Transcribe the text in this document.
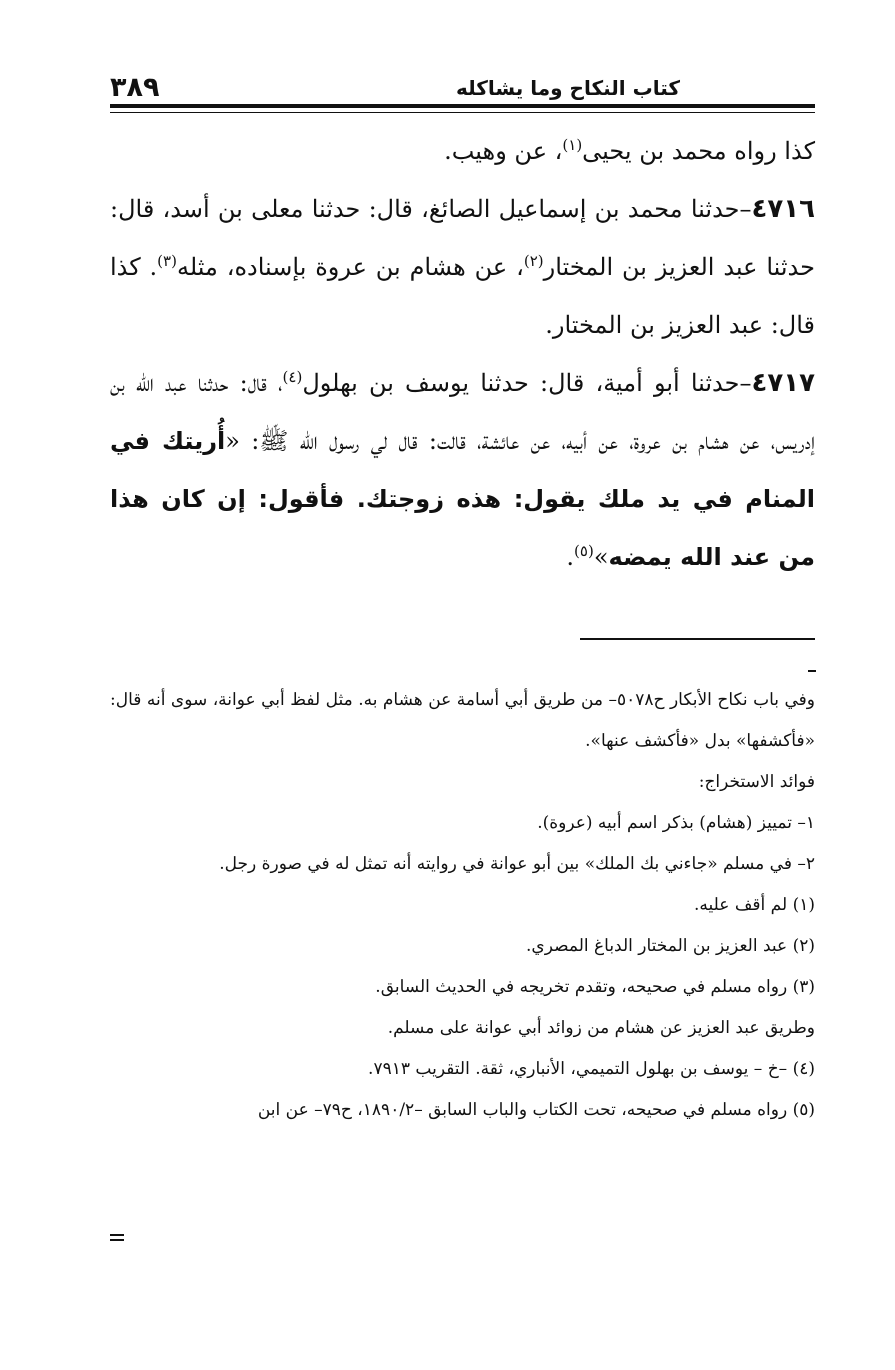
كتاب النكاح وما يشاكله
٣٨٩

كذا رواه محمد بن يحيى$^{(١)}$، عن وهيب.

٤٧١٦–حدثنا محمد بن إسماعيل الصائغ، قال: حدثنا معلى بن أسد، قال: حدثنا عبد العزيز بن المختار$^{(٢)}$، عن هشام بن عروة بإسناده، مثله$^{(٣)}$. كذا قال: عبد العزيز بن المختار.

٤٧١٧–حدثنا أبو أمية، قال: حدثنا يوسف بن بهلول$^{(٤)}$، قال: حدثنا عبد الله بن إدريس، عن هشام بن عروة، عن أبيه، عن عائشة، قالت: قال لي رسول الله ﷺ: «أُريتك في المنام في يد ملك يقول: هذه زوجتك. فأقول: إن كان هذا من عند الله يمضه»$^{(٥)}$.

وفي باب نكاح الأبكار ح٥٠٧٨– من طريق أبي أسامة عن هشام به. مثل لفظ أبي عوانة، سوى أنه قال: «فأكشفها» بدل «فأكشف عنها».

فوائد الاستخراج:

١– تمييز (هشام) بذكر اسم أبيه (عروة).

٢– في مسلم «جاءني بك الملك» بين أبو عوانة في روايته أنه تمثل له في صورة رجل.

(١) لم أقف عليه.

(٢) عبد العزيز بن المختار الدباغ المصري.

(٣) رواه مسلم في صحيحه، وتقدم تخريجه في الحديث السابق.

وطريق عبد العزيز عن هشام من زوائد أبي عوانة على مسلم.

(٤) –خ – يوسف بن بهلول التميمي، الأنباري، ثقة. التقريب ٧٩١٣.

(٥) رواه مسلم في صحيحه، تحت الكتاب والباب السابق –١٨٩٠/٢، ح٧٩– عن ابن
